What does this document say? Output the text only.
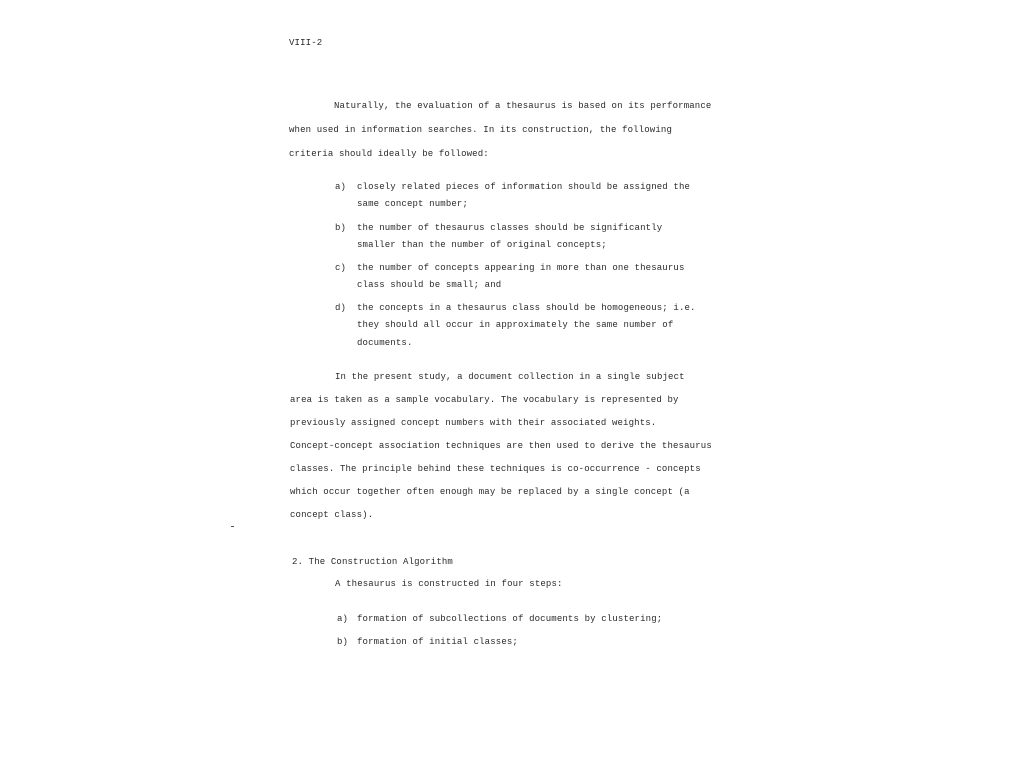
VIII-2
Naturally, the evaluation of a thesaurus is based on its performance
when used in information searches. In its construction, the following
criteria should ideally be followed:
a) closely related pieces of information should be assigned the
same concept number;
b) the number of thesaurus classes should be significantly
smaller than the number of original concepts;
c) the number of concepts appearing in more than one thesaurus
class should be small; and
d) the concepts in a thesaurus class should be homogeneous; i.e.
they should all occur in approximately the same number of
documents.
In the present study, a document collection in a single subject
area is taken as a sample vocabulary. The vocabulary is represented by
previously assigned concept numbers with their associated weights.
Concept-concept association techniques are then used to derive the thesaurus
classes. The principle behind these techniques is co-occurrence - concepts
which occur together often enough may be replaced by a single concept (a
concept class).
2. The Construction Algorithm
A thesaurus is constructed in four steps:
a) formation of subcollections of documents by clustering;
b) formation of initial classes;
